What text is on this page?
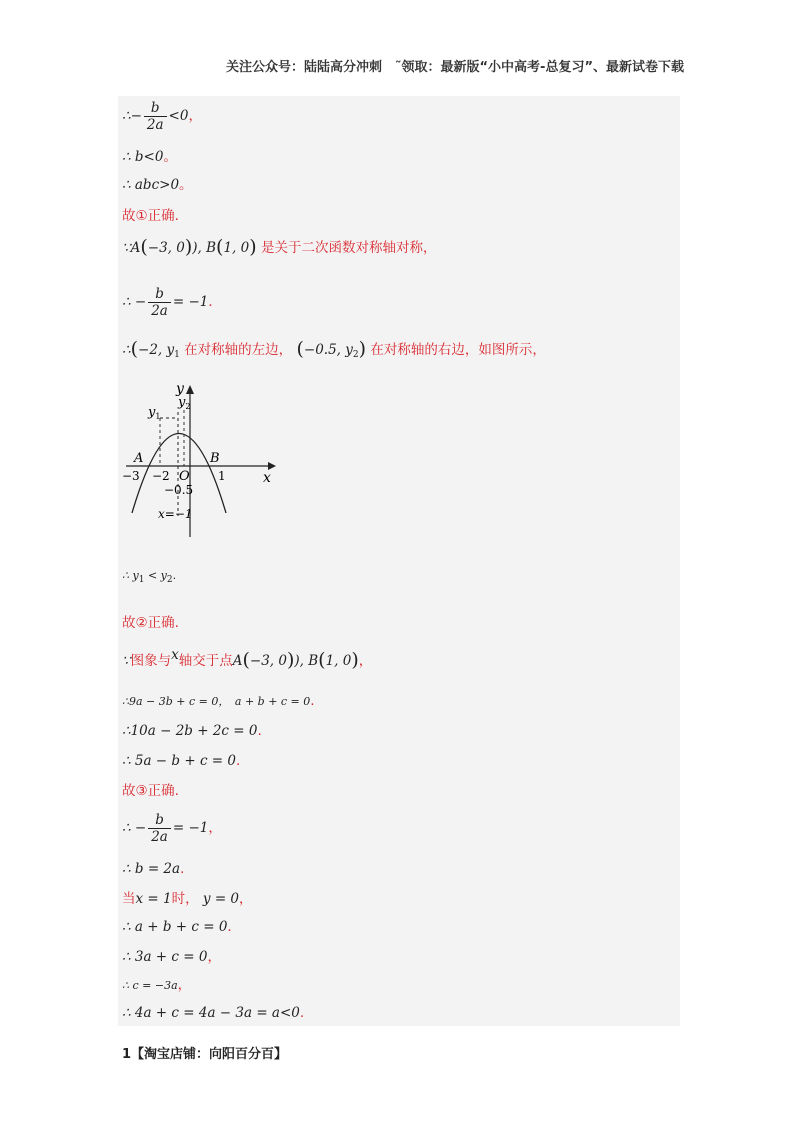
关注公众号：陆陆高分冲刺　˜领取：最新版“小中高考-总复习”、最新试卷下载
∴− $\frac{b}{2a} <0$，
∴ b<0。
∴ abc>0。
故①正确.
∵A(−3, 0)), B(1, 0) 是关于二次函数对称轴对称，
∴ − $\frac{b}{2a} = -1$．
∴(−2, $y_1$ 在对称轴的左边， (−0.5, $y_2$) 在对称轴的右边，如图所示，
y
x
$y_1$
$y_2$
A	B
O
−3 −2	1
−0.5
x=−1
∴ $y_1 < y_2$.
故②正确.
∵图象与x轴交于点A(−3, 0)), B(1, 0)，
∴9a − 3b + c = 0，　a + b + c = 0.
∴10a − 2b + 2c = 0.
∴ 5a − b + c = 0.
故③正确.
∴ − $\frac{b}{2a} = -1$，
∴ b = 2a.
当x = 1时， y = 0，
∴ a + b + c = 0.
∴ 3a + c = 0，
∴ c = −3a，
∴ 4a + c = 4a − 3a = a<0.
1【淘宝店铺：向阳百分百】
